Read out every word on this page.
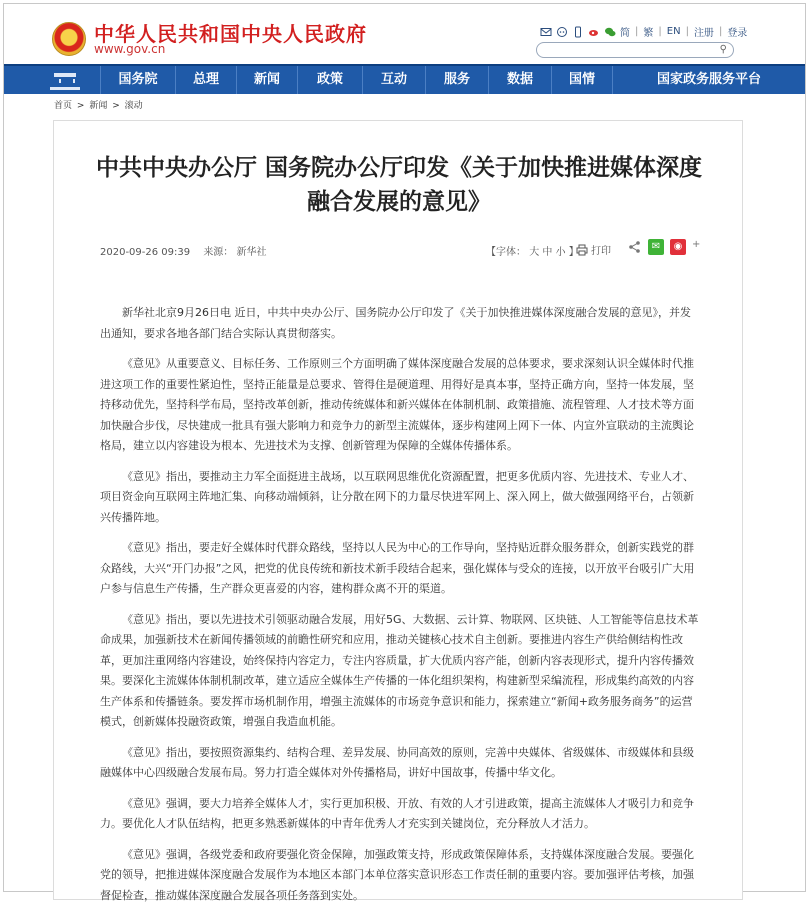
中华人民共和国中央人民政府
www.gov.cn
简 | 繁 | EN | 注册 | 登录
⚲
国务院	总理	新闻	政策	互动	服务	数据	国情	国家政务服务平台
首页 > 新闻 > 滚动
中共中央办公厅 国务院办公厅印发《关于加快推进媒体深度融合发展的意见》
2020-09-26 09:39 来源： 新华社	【字体： 大 中 小 】 打印	✉	◉ +

新华社北京9月26日电 近日，中共中央办公厅、国务院办公厅印发了《关于加快推进媒体深度融合发展的意见》，并发出通知，要求各地各部门结合实际认真贯彻落实。

《意见》从重要意义、目标任务、工作原则三个方面明确了媒体深度融合发展的总体要求，要求深刻认识全媒体时代推进这项工作的重要性紧迫性，坚持正能量是总要求、管得住是硬道理、用得好是真本事，坚持正确方向，坚持一体发展，坚持移动优先，坚持科学布局，坚持改革创新，推动传统媒体和新兴媒体在体制机制、政策措施、流程管理、人才技术等方面加快融合步伐，尽快建成一批具有强大影响力和竞争力的新型主流媒体，逐步构建网上网下一体、内宣外宣联动的主流舆论格局，建立以内容建设为根本、先进技术为支撑、创新管理为保障的全媒体传播体系。

《意见》指出，要推动主力军全面挺进主战场，以互联网思维优化资源配置，把更多优质内容、先进技术、专业人才、项目资金向互联网主阵地汇集、向移动端倾斜，让分散在网下的力量尽快进军网上、深入网上，做大做强网络平台，占领新兴传播阵地。

《意见》指出，要走好全媒体时代群众路线，坚持以人民为中心的工作导向，坚持贴近群众服务群众，创新实践党的群众路线，大兴“开门办报”之风，把党的优良传统和新技术新手段结合起来，强化媒体与受众的连接，以开放平台吸引广大用户参与信息生产传播，生产群众更喜爱的内容，建构群众离不开的渠道。

《意见》指出，要以先进技术引领驱动融合发展，用好5G、大数据、云计算、物联网、区块链、人工智能等信息技术革命成果，加强新技术在新闻传播领域的前瞻性研究和应用，推动关键核心技术自主创新。要推进内容生产供给侧结构性改革，更加注重网络内容建设，始终保持内容定力，专注内容质量，扩大优质内容产能，创新内容表现形式，提升内容传播效果。要深化主流媒体体制机制改革，建立适应全媒体生产传播的一体化组织架构，构建新型采编流程，形成集约高效的内容生产体系和传播链条。要发挥市场机制作用，增强主流媒体的市场竞争意识和能力，探索建立“新闻+政务服务商务”的运营模式，创新媒体投融资政策，增强自我造血机能。

《意见》指出，要按照资源集约、结构合理、差异发展、协同高效的原则，完善中央媒体、省级媒体、市级媒体和县级融媒体中心四级融合发展布局。努力打造全媒体对外传播格局，讲好中国故事，传播中华文化。

《意见》强调，要大力培养全媒体人才，实行更加积极、开放、有效的人才引进政策，提高主流媒体人才吸引力和竞争力。要优化人才队伍结构，把更多熟悉新媒体的中青年优秀人才充实到关键岗位，充分释放人才活力。

《意见》强调，各级党委和政府要强化资金保障，加强政策支持，形成政策保障体系，支持媒体深度融合发展。要强化党的领导，把推进媒体深度融合发展作为本地区本部门本单位落实意识形态工作责任制的重要内容。要加强评估考核，加强督促检查，推动媒体深度融合发展各项任务落到实处。
